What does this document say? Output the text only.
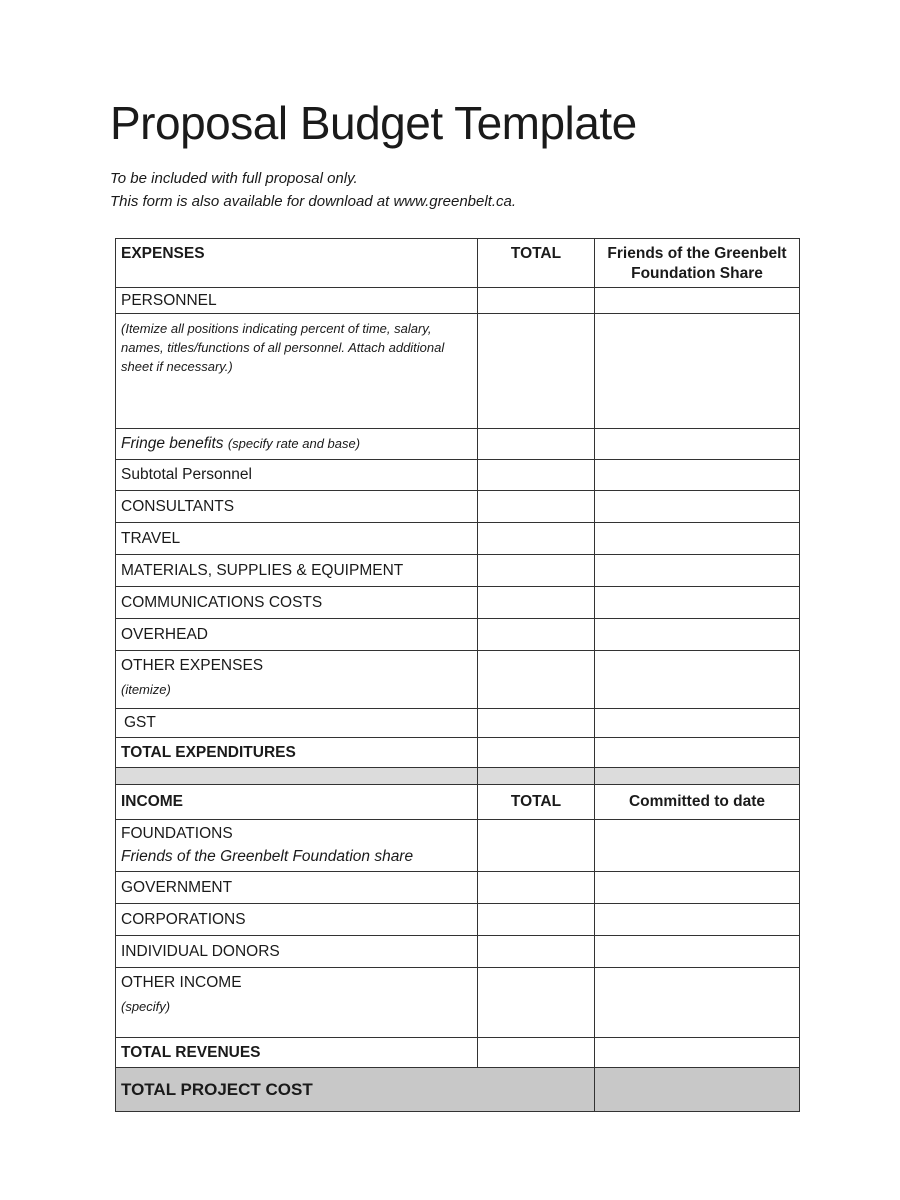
Proposal Budget Template
To be included with full proposal only.
This form is also available for download at www.greenbelt.ca.
EXPENSES	TOTAL	Friends of the Greenbelt Foundation Share
PERSONNEL		

(Itemize all positions indicating percent of time, salary, names, titles/functions of all personnel. Attach additional sheet if necessary.)		

Fringe benefits (specify rate and base)		
Subtotal Personnel		
CONSULTANTS		
TRAVEL		
MATERIALS, SUPPLIES & EQUIPMENT		
COMMUNICATIONS COSTS		
OVERHEAD		

OTHER EXPENSES
(itemize)		

GST		
TOTAL EXPENDITURES		

INCOME	TOTAL	Committed to date

FOUNDATIONS
Friends of the Greenbelt Foundation share		

GOVERNMENT		
CORPORATIONS		
INDIVIDUAL DONORS		

OTHER INCOME
(specify)		

TOTAL REVENUES		
TOTAL PROJECT COST		
